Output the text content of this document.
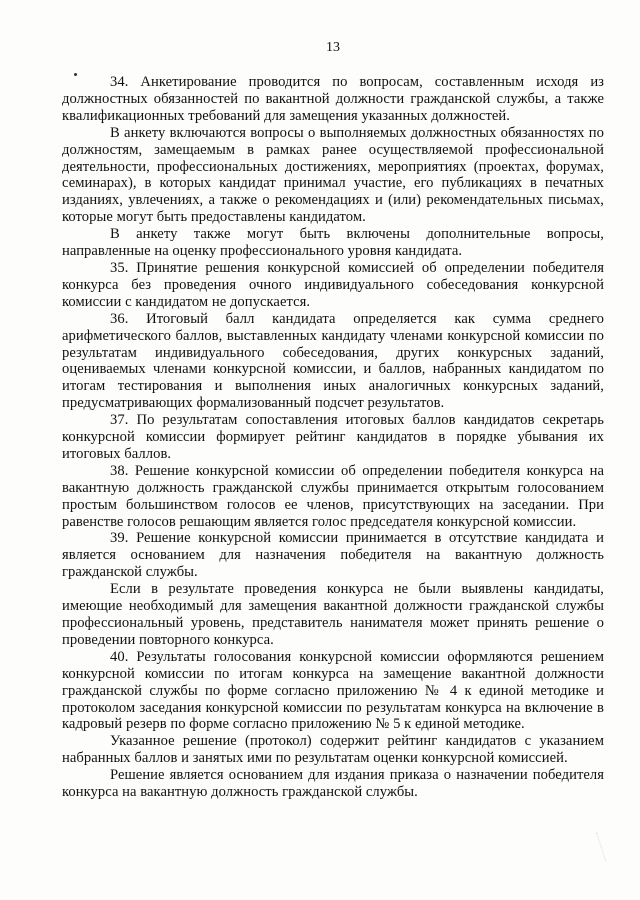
13

34. Анкетирование проводится по вопросам, составленным исходя из должностных обязанностей по вакантной должности гражданской службы, а также квалификационных требований для замещения указанных должностей.

В анкету включаются вопросы о выполняемых должностных обязанностях по должностям, замещаемым в рамках ранее осуществляемой профессиональной деятельности, профессиональных достижениях, мероприятиях (проектах, форумах, семинарах), в которых кандидат принимал участие, его публикациях в печатных изданиях, увлечениях, а также о рекомендациях и (или) рекомендательных письмах, которые могут быть предоставлены кандидатом.

В анкету также могут быть включены дополнительные вопросы, направленные на оценку профессионального уровня кандидата.

35. Принятие решения конкурсной комиссией об определении победителя конкурса без проведения очного индивидуального собеседования конкурсной комиссии с кандидатом не допускается.

36. Итоговый балл кандидата определяется как сумма среднего арифметического баллов, выставленных кандидату членами конкурсной комиссии по результатам индивидуального собеседования, других конкурсных заданий, оцениваемых членами конкурсной комиссии, и баллов, набранных кандидатом по итогам тестирования и выполнения иных аналогичных конкурсных заданий, предусматривающих формализованный подсчет результатов.

37. По результатам сопоставления итоговых баллов кандидатов секретарь конкурсной комиссии формирует рейтинг кандидатов в порядке убывания их итоговых баллов.

38. Решение конкурсной комиссии об определении победителя конкурса на вакантную должность гражданской службы принимается открытым голосованием простым большинством голосов ее членов, присутствующих на заседании. При равенстве голосов решающим является голос председателя конкурсной комиссии.

39. Решение конкурсной комиссии принимается в отсутствие кандидата и является основанием для назначения победителя на вакантную должность гражданской службы.

Если в результате проведения конкурса не были выявлены кандидаты, имеющие необходимый для замещения вакантной должности гражданской службы профессиональный уровень, представитель нанимателя может принять решение о проведении повторного конкурса.

40. Результаты голосования конкурсной комиссии оформляются решением конкурсной комиссии по итогам конкурса на замещение вакантной должности гражданской службы по форме согласно приложению № 4 к единой методике и протоколом заседания конкурсной комиссии по результатам конкурса на включение в кадровый резерв по форме согласно приложению № 5 к единой методике.

Указанное решение (протокол) содержит рейтинг кандидатов с указанием набранных баллов и занятых ими по результатам оценки конкурсной комиссией.

Решение является основанием для издания приказа о назначении победителя конкурса на вакантную должность гражданской службы.
